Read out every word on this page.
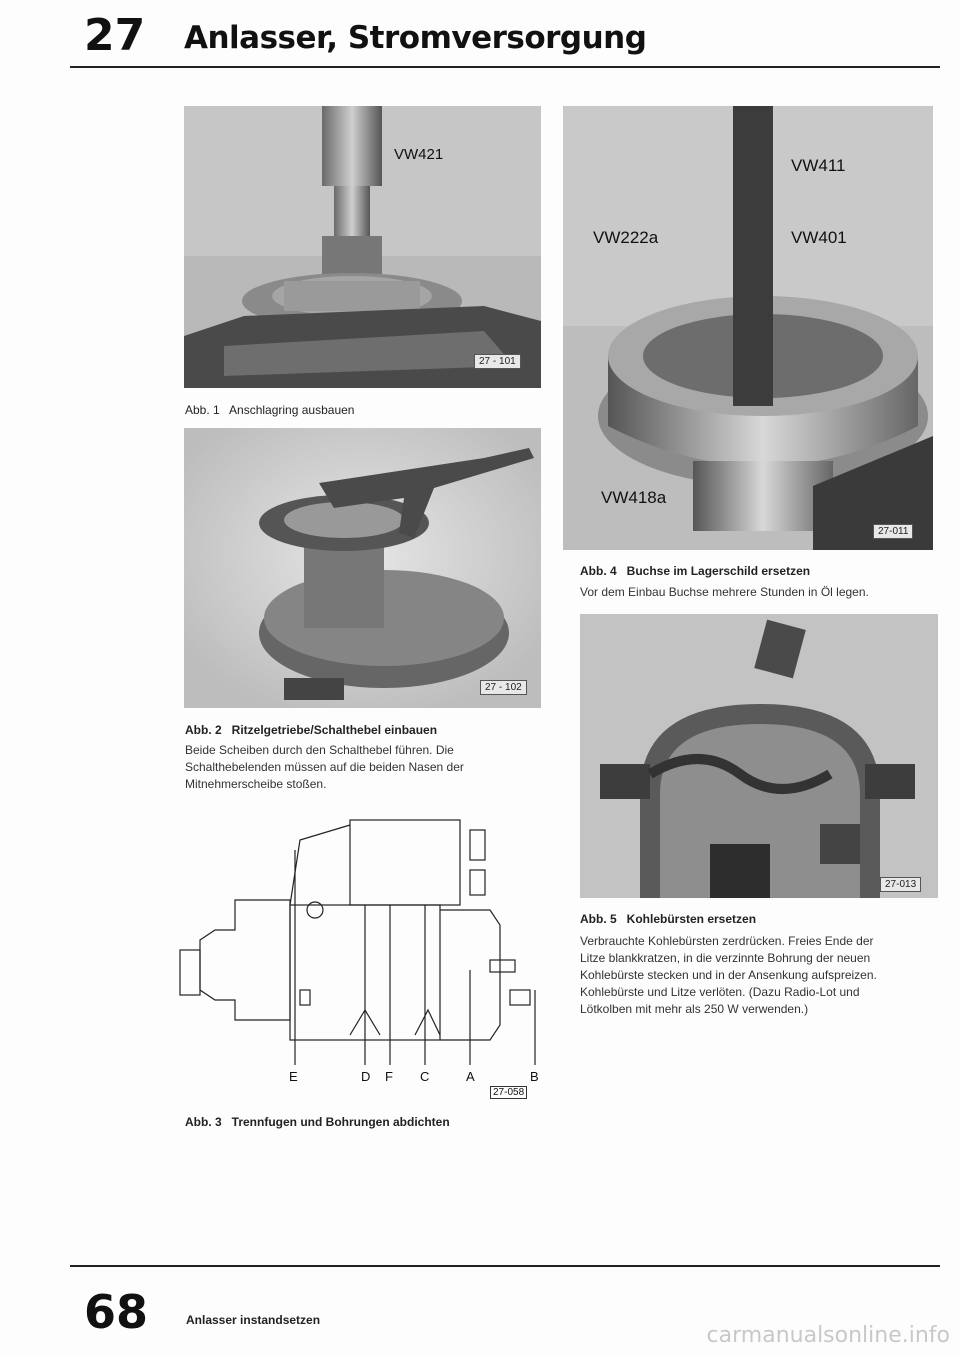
27 Anlasser, Stromversorgung
VW421
27 - 101
Abb. 1   Anschlagring ausbauen
27 - 102
Abb. 2   Ritzelgetriebe/Schalthebel einbauen
Beide Scheiben durch den Schalthebel führen. Die
Schalthebelenden müssen auf die beiden Nasen der
Mitnehmerscheibe stoßen.
E	D F C	A	B
27-058
Abb. 3   Trennfugen und Bohrungen abdichten
VW411
VW222a	VW401
VW418a
27-011
Abb. 4   Buchse im Lagerschild ersetzen
Vor dem Einbau Buchse mehrere Stunden in Öl legen.
27-013
Abb. 5   Kohlebürsten ersetzen
Verbrauchte Kohlebürsten zerdrücken. Freies Ende der
Litze blankkratzen, in die verzinnte Bohrung der neuen
Kohlebürste stecken und in der Ansenkung aufspreizen.
Kohlebürste und Litze verlöten. (Dazu Radio-Lot und
Lötkolben mit mehr als 250 W verwenden.)
68	Anlasser instandsetzen
carmanualsonline.info
